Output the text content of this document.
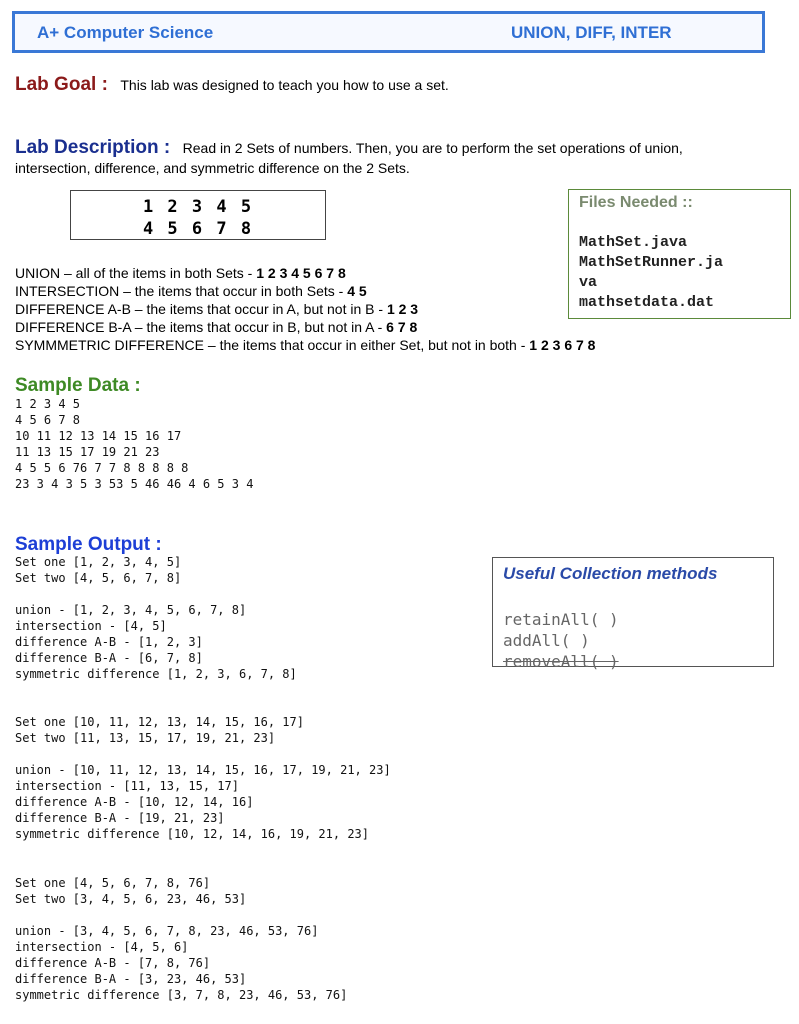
A+ Computer Science	UNION, DIFF, INTER
Lab Goal : This lab was designed to teach you how to use a set.
Lab Description : Read in 2 Sets of numbers. Then, you are to perform the set operations of union,
intersection, difference, and symmetric difference on the 2 Sets.
1 2 3 4 5
4 5 6 7 8
Files Needed ::
MathSet.java
MathSetRunner.ja
va
mathsetdata.dat
UNION – all of the items in both Sets - 1 2 3 4 5 6 7 8
INTERSECTION – the items that occur in both Sets - 4 5
DIFFERENCE A-B – the items that occur in A, but not in B - 1 2 3
DIFFERENCE B-A – the items that occur in B, but not in A - 6 7 8
SYMMMETRIC DIFFERENCE – the items that occur in either Set, but not in both - 1 2 3 6 7 8
Sample Data :
1 2 3 4 5
4 5 6 7 8
10 11 12 13 14 15 16 17
11 13 15 17 19 21 23
4 5 5 6 76 7 7 8 8 8 8 8
23 3 4 3 5 3 53 5 46 46 4 6 5 3 4
Sample Output :
Set one [1, 2, 3, 4, 5]
Set two [4, 5, 6, 7, 8]
union - [1, 2, 3, 4, 5, 6, 7, 8]
intersection - [4, 5]
difference A-B - [1, 2, 3]
difference B-A - [6, 7, 8]
symmetric difference [1, 2, 3, 6, 7, 8]
Set one [10, 11, 12, 13, 14, 15, 16, 17]
Set two [11, 13, 15, 17, 19, 21, 23]
union - [10, 11, 12, 13, 14, 15, 16, 17, 19, 21, 23]
intersection - [11, 13, 15, 17]
difference A-B - [10, 12, 14, 16]
difference B-A - [19, 21, 23]
symmetric difference [10, 12, 14, 16, 19, 21, 23]
Set one [4, 5, 6, 7, 8, 76]
Set two [3, 4, 5, 6, 23, 46, 53]
union - [3, 4, 5, 6, 7, 8, 23, 46, 53, 76]
intersection - [4, 5, 6]
difference A-B - [7, 8, 76]
difference B-A - [3, 23, 46, 53]
symmetric difference [3, 7, 8, 23, 46, 53, 76]
Useful Collection methods
retainAll( )
addAll( )
removeAll( )
